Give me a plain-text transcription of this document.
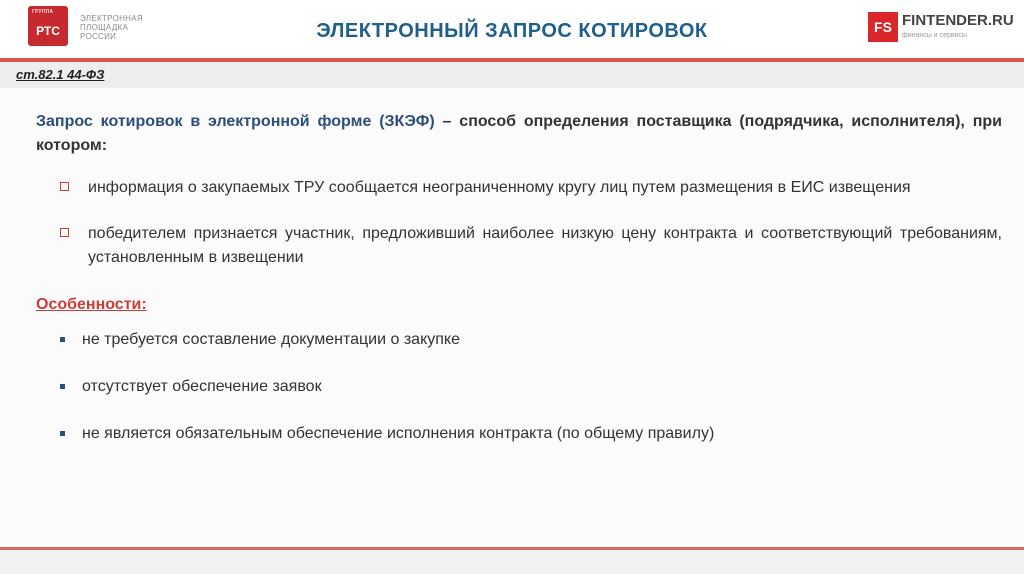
ГРУППА
РТС
ЭЛЕКТРОННАЯ ПЛОЩАДКА РОССИИ	ЭЛЕКТРОННЫЙ ЗАПРОС КОТИРОВОК	FS FINTENDER.RU
финансы и сервисы
ст.82.1 44-ФЗ

Запрос котировок в электронной форме (ЗКЭФ) – способ определения поставщика (подрядчика, исполнителя), при котором:

информация о закупаемых ТРУ сообщается неограниченному кругу лиц путем размещения в ЕИС извещения
победителем признается участник, предложивший наиболее низкую цену контракта и соответствующий требованиям, установленным в извещении
Особенности:
не требуется составление документации о закупке
отсутствует обеспечение заявок
не является обязательным обеспечение исполнения контракта (по общему правилу)
